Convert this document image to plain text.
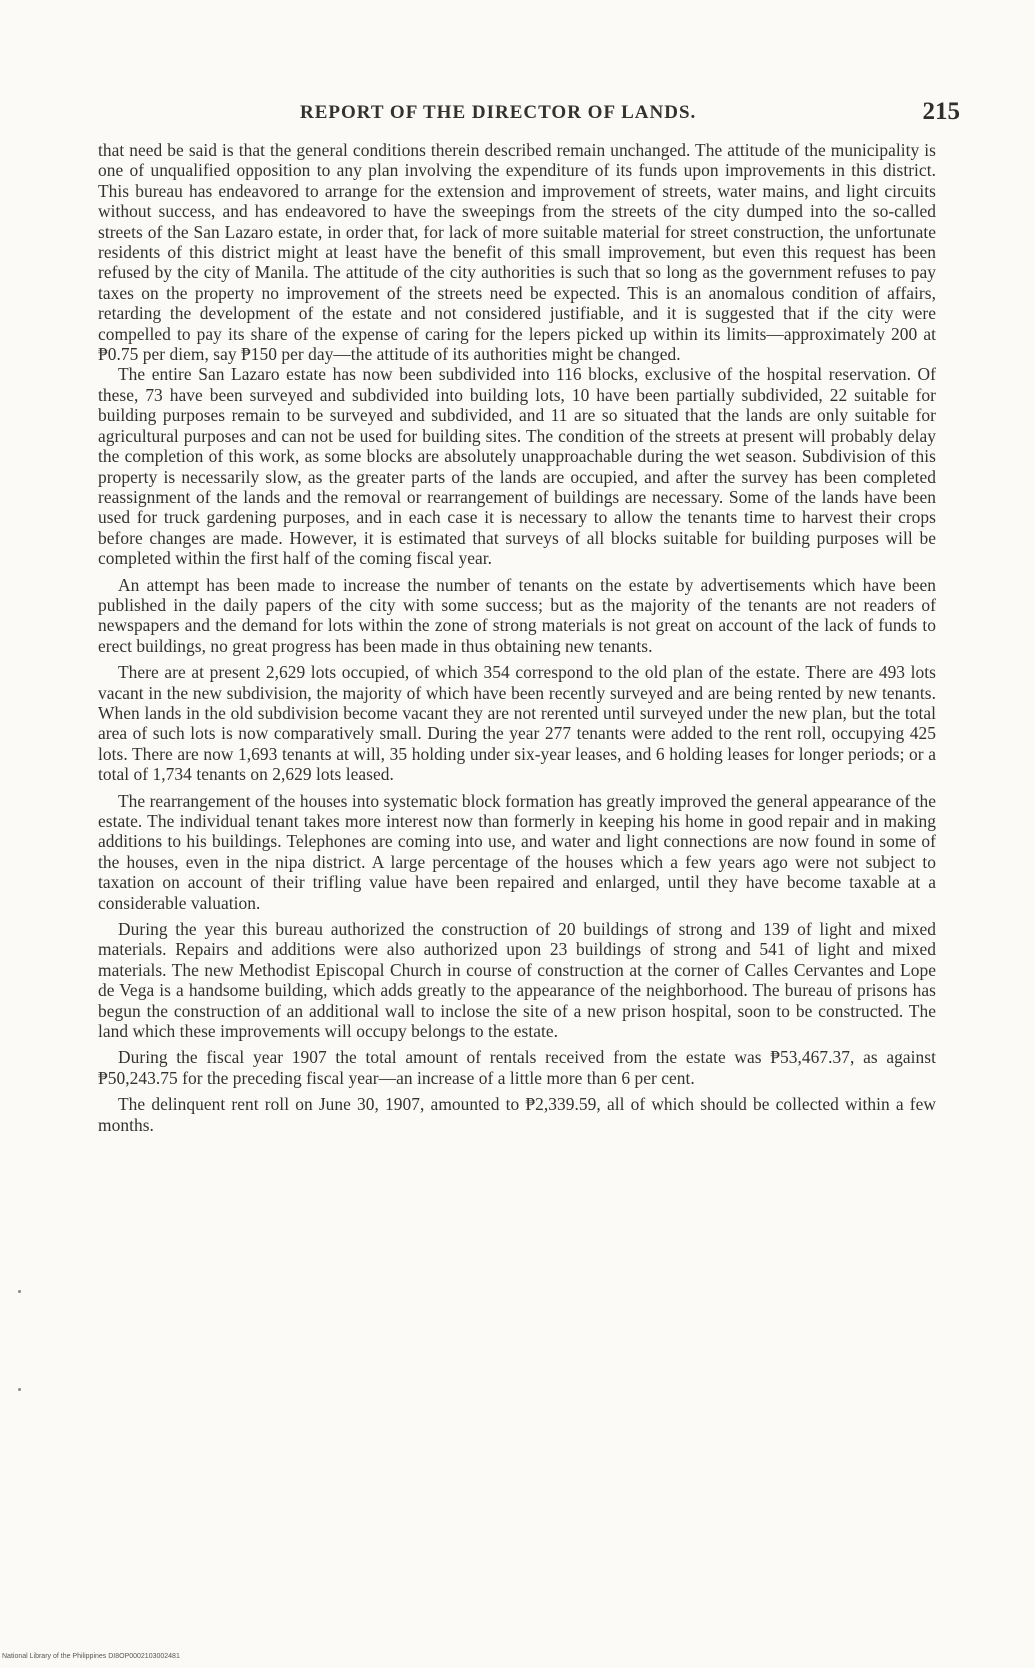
REPORT OF THE DIRECTOR OF LANDS.	215

that need be said is that the general conditions therein described remain unchanged. The attitude of the municipality is one of unqualified opposition to any plan involving the expenditure of its funds upon improvements in this district. This bureau has endeavored to arrange for the extension and improvement of streets, water mains, and light circuits without success, and has endeavored to have the sweepings from the streets of the city dumped into the so-called streets of the San Lazaro estate, in order that, for lack of more suitable material for street construction, the unfortunate residents of this district might at least have the benefit of this small improvement, but even this request has been refused by the city of Manila. The attitude of the city authorities is such that so long as the government refuses to pay taxes on the property no improvement of the streets need be expected. This is an anomalous condition of affairs, retarding the development of the estate and not considered justifiable, and it is suggested that if the city were compelled to pay its share of the expense of caring for the lepers picked up within its limits—approximately 200 at ₱0.75 per diem, say ₱150 per day—the attitude of its authorities might be changed.

The entire San Lazaro estate has now been subdivided into 116 blocks, exclusive of the hospital reservation. Of these, 73 have been surveyed and subdivided into building lots, 10 have been partially subdivided, 22 suitable for building purposes remain to be surveyed and subdivided, and 11 are so situated that the lands are only suitable for agricultural purposes and can not be used for building sites. The condition of the streets at present will probably delay the completion of this work, as some blocks are absolutely unapproachable during the wet season. Subdivision of this property is necessarily slow, as the greater parts of the lands are occupied, and after the survey has been completed reassignment of the lands and the removal or rearrangement of buildings are necessary. Some of the lands have been used for truck gardening purposes, and in each case it is necessary to allow the tenants time to harvest their crops before changes are made. However, it is estimated that surveys of all blocks suitable for building purposes will be completed within the first half of the coming fiscal year.

An attempt has been made to increase the number of tenants on the estate by advertisements which have been published in the daily papers of the city with some success; but as the majority of the tenants are not readers of newspapers and the demand for lots within the zone of strong materials is not great on account of the lack of funds to erect buildings, no great progress has been made in thus obtaining new tenants.

There are at present 2,629 lots occupied, of which 354 correspond to the old plan of the estate. There are 493 lots vacant in the new subdivision, the majority of which have been recently surveyed and are being rented by new tenants. When lands in the old subdivision become vacant they are not rerented until surveyed under the new plan, but the total area of such lots is now comparatively small. During the year 277 tenants were added to the rent roll, occupying 425 lots. There are now 1,693 tenants at will, 35 holding under six-year leases, and 6 holding leases for longer periods; or a total of 1,734 tenants on 2,629 lots leased.

The rearrangement of the houses into systematic block formation has greatly improved the general appearance of the estate. The individual tenant takes more interest now than formerly in keeping his home in good repair and in making additions to his buildings. Telephones are coming into use, and water and light connections are now found in some of the houses, even in the nipa district. A large percentage of the houses which a few years ago were not subject to taxation on account of their trifling value have been repaired and enlarged, until they have become taxable at a considerable valuation.

During the year this bureau authorized the construction of 20 buildings of strong and 139 of light and mixed materials. Repairs and additions were also authorized upon 23 buildings of strong and 541 of light and mixed materials. The new Methodist Episcopal Church in course of construction at the corner of Calles Cervantes and Lope de Vega is a handsome building, which adds greatly to the appearance of the neighborhood. The bureau of prisons has begun the construction of an additional wall to inclose the site of a new prison hospital, soon to be constructed. The land which these improvements will occupy belongs to the estate.

During the fiscal year 1907 the total amount of rentals received from the estate was ₱53,467.37, as against ₱50,243.75 for the preceding fiscal year—an increase of a little more than 6 per cent.

The delinquent rent roll on June 30, 1907, amounted to ₱2,339.59, all of which should be collected within a few months.

National Library of the Philippines DI8OP0002103002481
